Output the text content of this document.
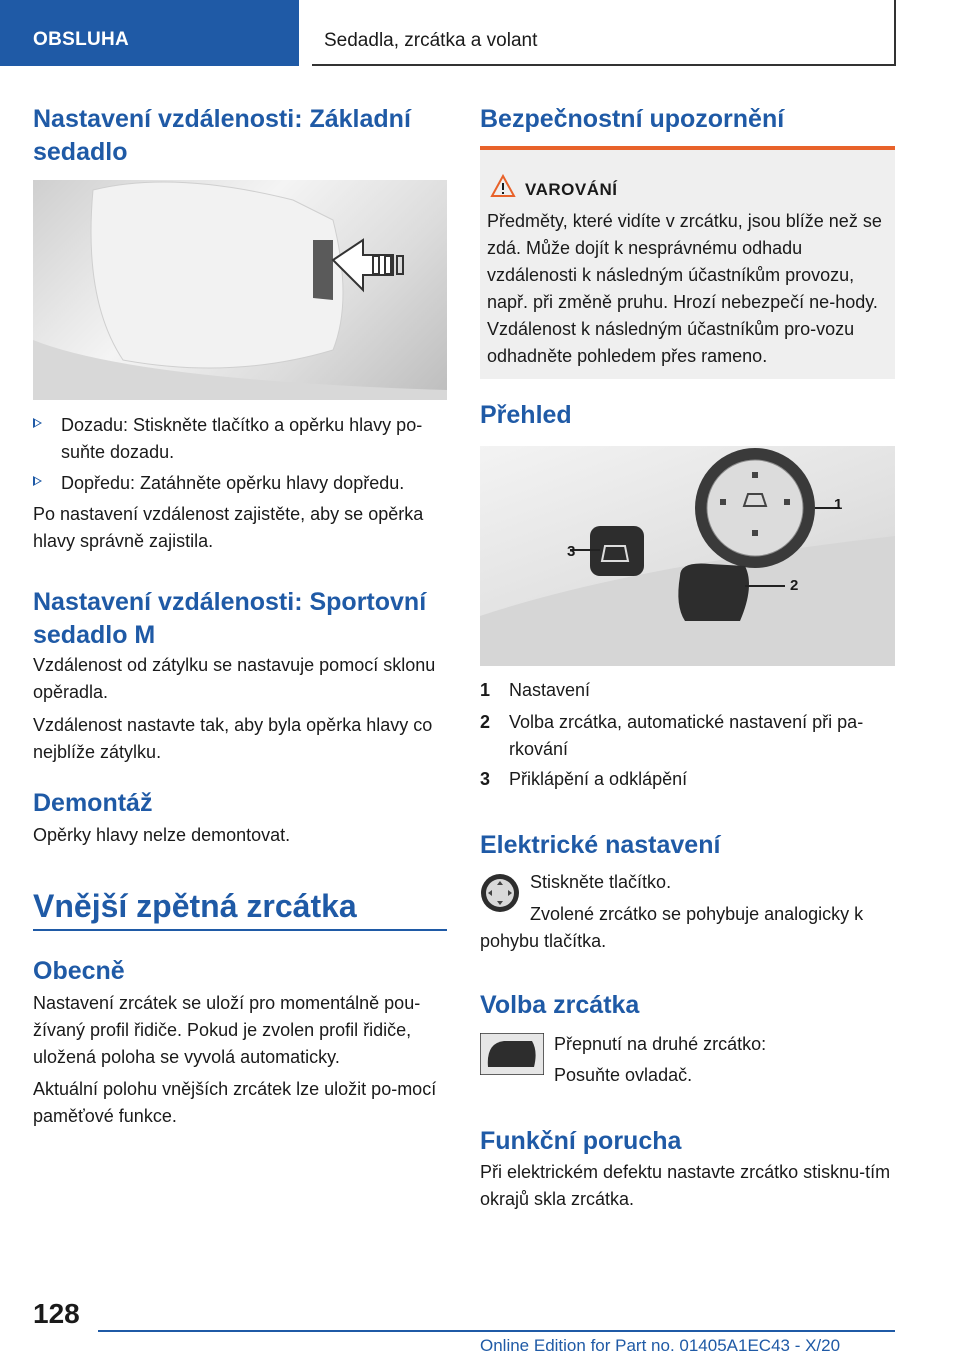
OBSLUHA	Sedadla, zrcátka a volant
Nastavení vzdálenosti: Základní sedadlo
Dozadu: Stiskněte tlačítko a opěrku hlavy po-suňte dozadu.
Dopředu: Zatáhněte opěrku hlavy dopředu.

Po nastavení vzdálenost zajistěte, aby se opěrka hlavy správně zajistila.

Nastavení vzdálenosti: Sportovní sedadlo M

Vzdálenost od zátylku se nastavuje pomocí sklonu opěradla.

Vzdálenost nastavte tak, aby byla opěrka hlavy co nejblíže zátylku.

Demontáž

Opěrky hlavy nelze demontovat.

Vnější zpětná zrcátka
Obecně

Nastavení zrcátek se uloží pro momentálně pou-žívaný profil řidiče. Pokud je zvolen profil řidiče, uložená poloha se vyvolá automaticky.

Aktuální polohu vnějších zrcátek lze uložit po-mocí paměťové funkce.

Bezpečnostní upozornění
VAROVÁNÍ
Předměty, které vidíte v zrcátku, jsou blíže než se zdá. Může dojít k nesprávnému odhadu vzdálenosti k následným účastníkům provozu, např. při změně pruhu. Hrozí nebezpečí ne-hody. Vzdálenost k následným účastníkům pro-vozu odhadněte pohledem přes rameno.
Přehled
1
2
3
1 Nastavení
2 Volba zrcátka, automatické nastavení při pa-rkování
3 Přiklápění a odklápění
Elektrické nastavení

Stiskněte tlačítko.

Zvolené zrcátko se pohybuje analogicky k pohybu tlačítka.

Volba zrcátka

Přepnutí na druhé zrcátko:

Posuňte ovladač.

Funkční porucha

Při elektrickém defektu nastavte zrcátko stisknu-tím okrajů skla zrcátka.

128
Online Edition for Part no. 01405A1EC43 - X/20
